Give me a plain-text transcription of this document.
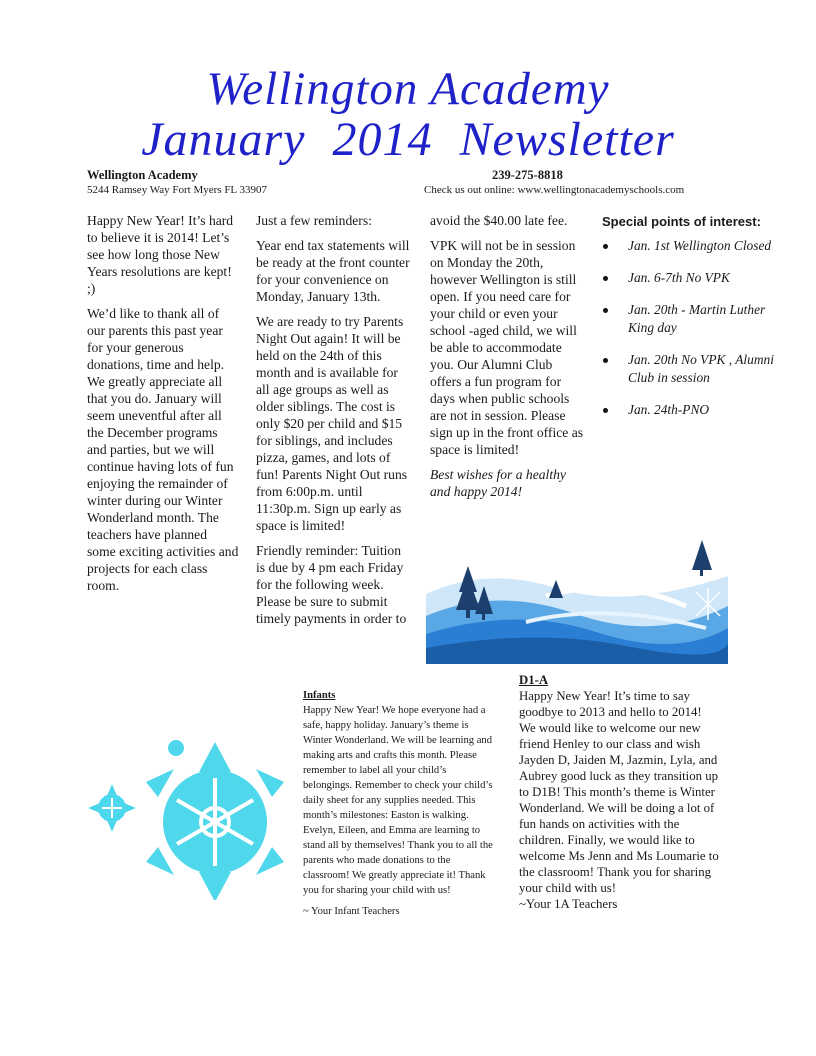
Wellington Academy
January 2014 Newsletter
Wellington Academy	239-275-8818
5244 Ramsey Way Fort Myers FL 33907	Check us out online: www.wellingtonacademyschools.com

Happy New Year! It’s hard to believe it is 2014! Let’s see how long those New Years resolutions are kept! ;)

We’d like to thank all of our parents this past year for your generous donations, time and help. We greatly appreciate all that you do. January will seem uneventful after all the December programs and parties, but we will continue having lots of fun enjoying the remainder of winter during our Winter Wonderland month. The teachers have planned some exciting activities and projects for each class room.

Just a few reminders:

Year end tax statements will be ready at the front counter for your convenience on Monday, January 13th.

We are ready to try Parents Night Out again! It will be held on the 24th of this month and is available for all age groups as well as older siblings. The cost is only $20 per child and $15 for siblings, and includes pizza, games, and lots of fun! Parents Night Out runs from 6:00p.m. until 11:30p.m. Sign up early as space is limited!

Friendly reminder: Tuition is due by 4 pm each Friday for the following week. Please be sure to submit timely payments in order to

avoid the $40.00 late fee.

VPK will not be in session on Monday the 20th, however Wellington is still open. If you need care for your child or even your school -aged child, we will be able to accommodate you. Our Alumni Club offers a fun program for days when public schools are not in session. Please sign up in the front office as space is limited!

Best wishes for a healthy and happy 2014!

Special points of interest:
Jan. 1st Wellington Closed
Jan. 6-7th No VPK
Jan. 20th - Martin Luther King day
Jan. 20th No VPK , Alumni Club in session
Jan. 24th-PNO
Infants
Happy New Year! We hope everyone had a safe, happy holiday. January’s theme is Winter Wonderland. We will be learning and making arts and crafts this month. Please remember to label all your child’s belongings. Remember to check your child’s daily sheet for any supplies needed. This month’s milestones: Easton is walking. Evelyn, Eileen, and Emma are learning to stand all by themselves! Thank you to all the parents who made donations to the classroom! We greatly appreciate it! Thank you for sharing your child with us!
~ Your Infant Teachers
D1-A
Happy New Year! It’s time to say goodbye to 2013 and hello to 2014! We would like to welcome our new friend Henley to our class and wish Jayden D, Jaiden M, Jazmin, Lyla, and Aubrey good luck as they transition up to D1B! This month’s theme is Winter Wonderland. We will be doing a lot of fun hands on activities with the children. Finally, we would like to welcome Ms Jenn and Ms Loumarie to the classroom! Thank you for sharing your child with us!
~Your 1A Teachers
